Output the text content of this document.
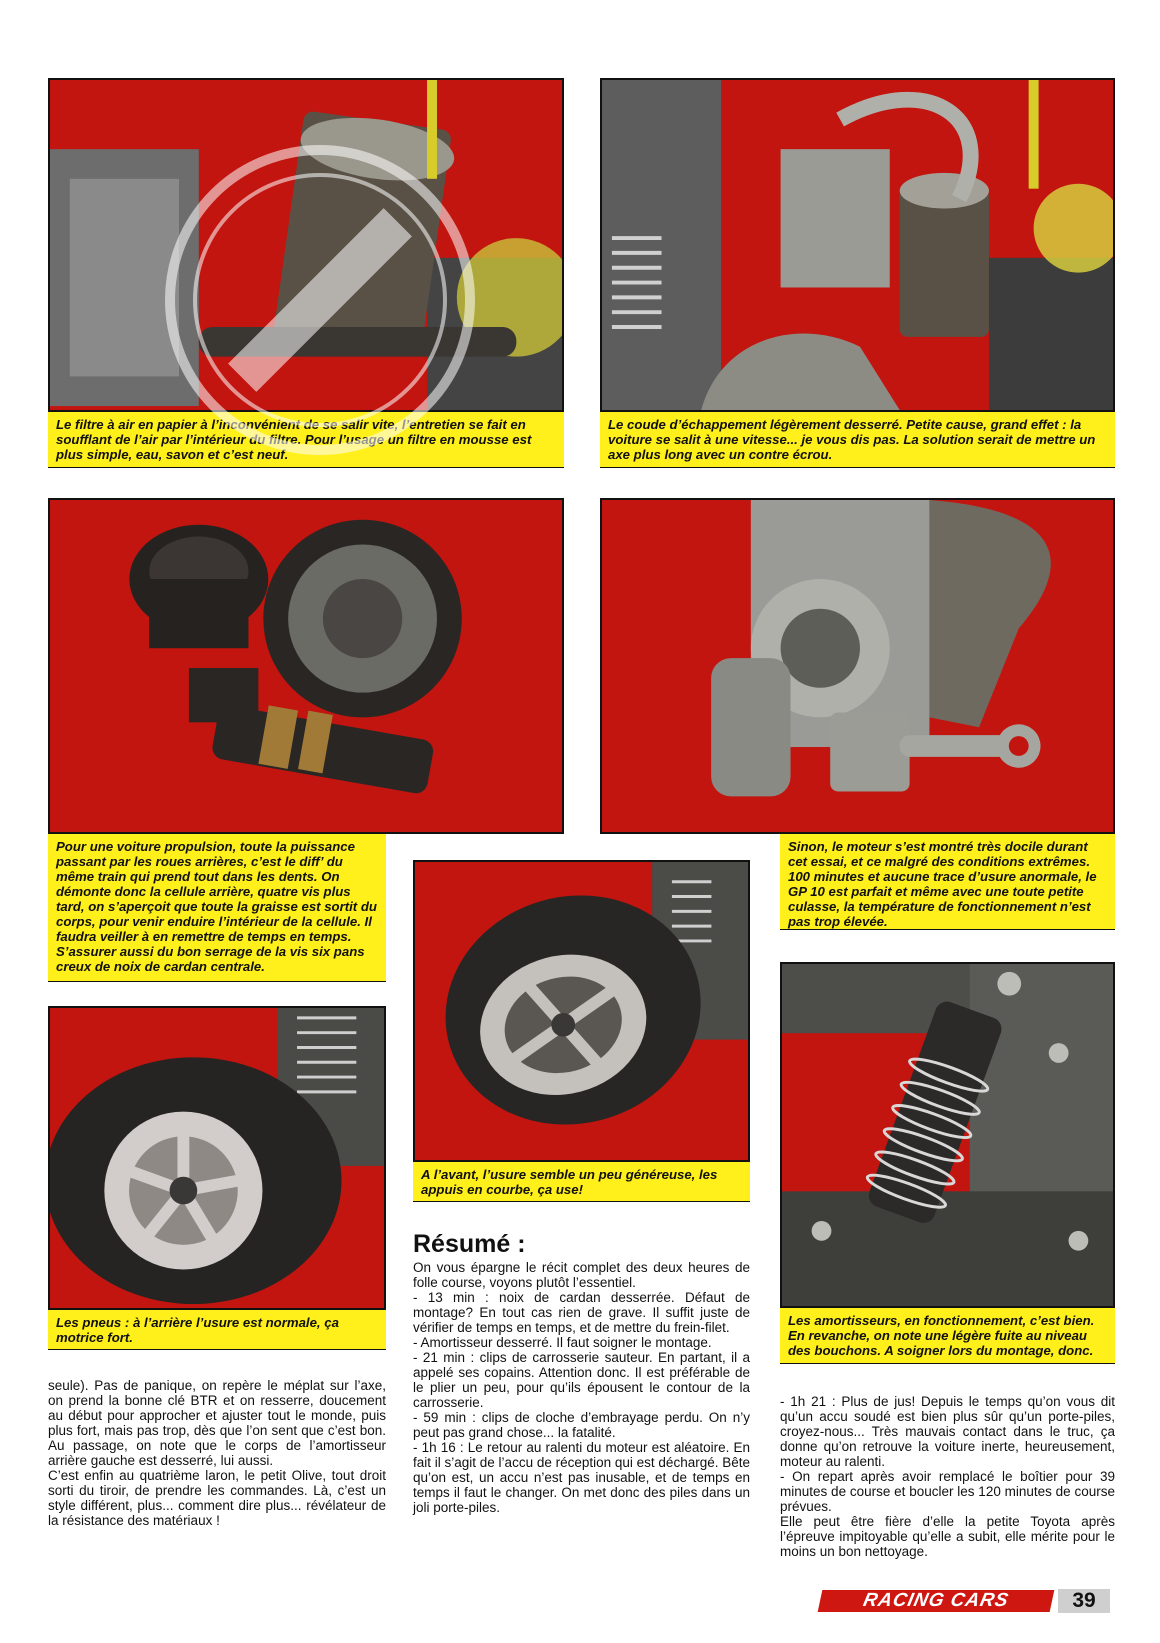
Le filtre à air en papier à l’inconvénient de se salir vite, l’entretien se fait en soufflant de l’air par l’intérieur du filtre. Pour l’usage un filtre en mousse est plus simple, eau, savon et c’est neuf.
Le coude d’échappement légèrement desserré. Petite cause, grand effet : la voiture se salit à une vitesse... je vous dis pas. La solution serait de mettre un axe plus long avec un contre écrou.
Pour une voiture propulsion, toute la puissance passant par les roues arrières, c’est le diff’ du même train qui prend tout dans les dents. On démonte donc la cellule arrière, quatre vis plus tard, on s’aperçoit que toute la graisse est sortit du corps, pour venir enduire l’intérieur de la cellule. Il faudra veiller à en remettre de temps en temps. S’assurer aussi du bon serrage de la vis six pans creux de noix de cardan centrale.
Sinon, le moteur s’est montré très docile durant cet essai, et ce malgré des conditions extrêmes. 100 minutes et aucune trace d’usure anormale, le GP 10 est parfait et même avec une toute petite culasse, la température de fonctionnement n’est pas trop élevée.
A l’avant, l’usure semble un peu généreuse, les appuis en courbe, ça use!
Les pneus : à l’arrière l’usure est normale, ça motrice fort.
Les amortisseurs, en fonctionnement, c’est bien. En revanche, on note une légère fuite au niveau des bouchons. A soigner lors du montage, donc.

seule). Pas de panique, on repère le méplat sur l’axe, on prend la bonne clé BTR et on resserre, doucement au début pour approcher et ajuster tout le monde, puis plus fort, mais pas trop, dès que l’on sent que c’est bon. Au passage, on note que le corps de l’amortisseur arrière gauche est desserré, lui aussi.

C’est enfin au quatrième laron, le petit Olive, tout droit sorti du tiroir, de prendre les commandes. Là, c’est un style différent, plus... comment dire plus... révélateur de la résistance des matériaux !

Résumé :

On vous épargne le récit complet des deux heures de folle course, voyons plutôt l’essentiel.

- 13 min : noix de cardan desserrée. Défaut de montage? En tout cas rien de grave. Il suffit juste de vérifier de temps en temps, et de mettre du frein-filet.

- Amortisseur desserré. Il faut soigner le montage.

- 21 min : clips de carrosserie sauteur. En partant, il a appelé ses copains. Attention donc. Il est préférable de le plier un peu, pour qu’ils épousent le contour de la carrosserie.

- 59 min : clips de cloche d’embrayage perdu. On n’y peut pas grand chose... la fatalité.

- 1h 16 : Le retour au ralenti du moteur est aléatoire. En fait il s’agit de l’accu de réception qui est déchargé. Bête qu’on est, un accu n’est pas inusable, et de temps en temps il faut le changer. On met donc des piles dans un joli porte-piles.

- 1h 21 : Plus de jus! Depuis le temps qu’on vous dit qu’un accu soudé est bien plus sûr qu’un porte-piles, croyez-nous... Très mauvais contact dans le truc, ça donne qu’on retrouve la voiture inerte, heureusement, moteur au ralenti.

- On repart après avoir remplacé le boîtier pour 39 minutes de course et boucler les 120 minutes de course prévues.

Elle peut être fière d’elle la petite Toyota après l’épreuve impitoyable qu’elle a subit, elle mérite pour le moins un bon nettoyage.

RACING CARS	39
